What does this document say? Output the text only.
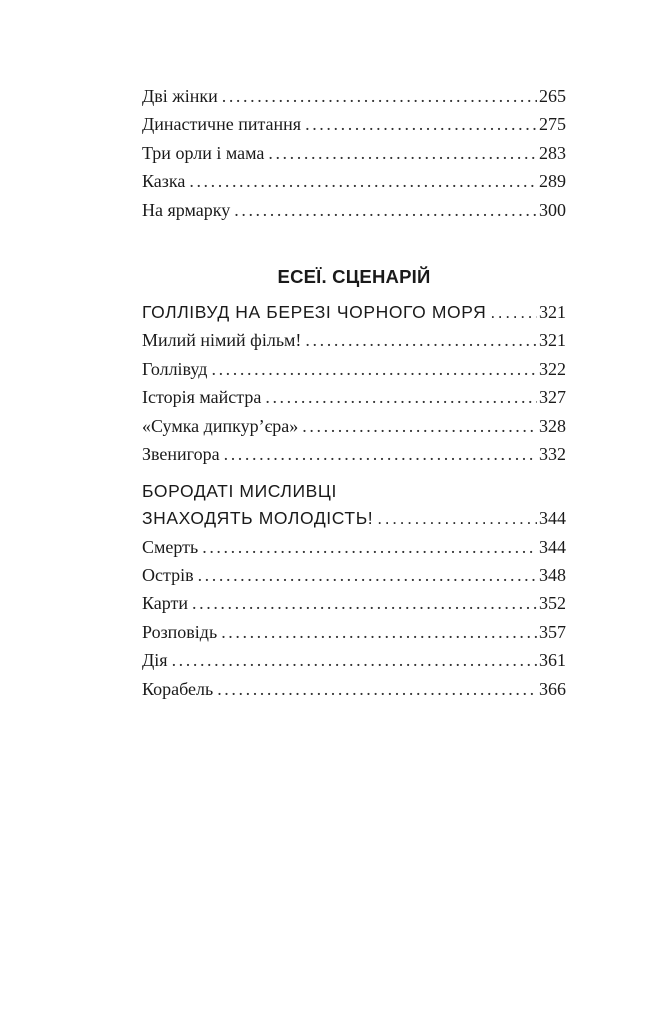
Дві жінки .....	265
Династичне питання .....	275
Три орли і мама .....	283
Казка .....	289
На ярмарку .....	300
ЕСЕЇ. СЦЕНАРІЙ
ГОЛЛІВУД НА БЕРЕЗІ ЧОРНОГО МОРЯ .....	321
Милий німий фільм! .....	321
Голлівуд .....	322
Історія майстра .....	327
«Сумка дипкур’єра» .....	328
Звенигора .....	332
БОРОДАТІ МИСЛИВЦІ
ЗНАХОДЯТЬ МОЛОДІСТЬ! .....	344
Смерть .....	344
Острів .....	348
Карти .....	352
Розповідь .....	357
Дія .....	361
Корабель .....	366
